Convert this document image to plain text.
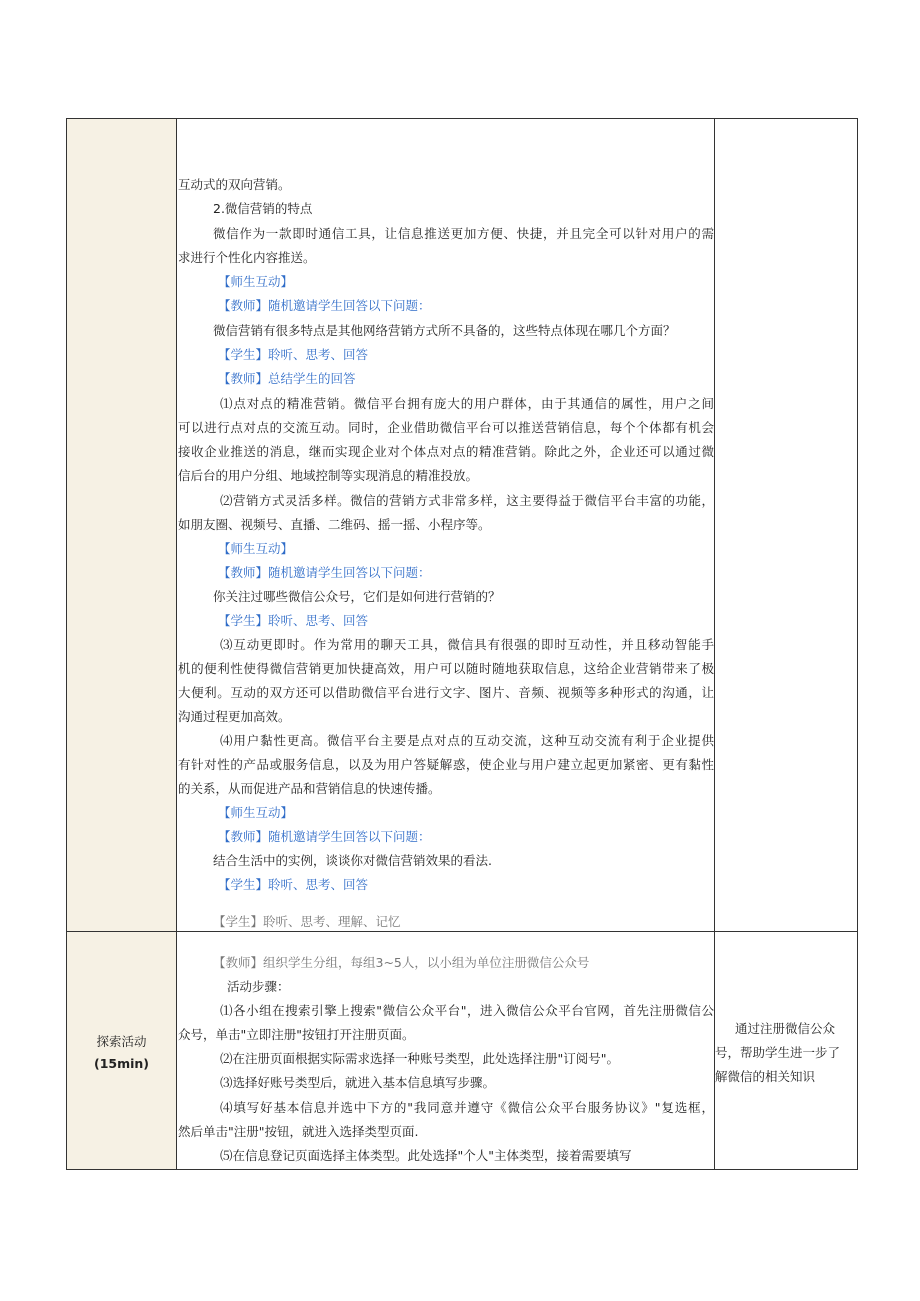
探索活动
(15min)
通过注册微信公众
号，帮助学生进一步了
解微信的相关知识
互动式的双向营销。
2.微信营销的特点
微信作为一款即时通信工具，让信息推送更加方便、快捷，并且完全可以针对用户的需
求进行个性化内容推送。
【师生互动】
【教师】随机邀请学生回答以下问题：
微信营销有很多特点是其他网络营销方式所不具备的，这些特点体现在哪几个方面？
【学生】聆听、思考、回答
【教师】总结学生的回答
⑴点对点的精准营销。微信平台拥有庞大的用户群体，由于其通信的属性，用户之间
可以进行点对点的交流互动。同时，企业借助微信平台可以推送营销信息，每个个体都有机会
接收企业推送的消息，继而实现企业对个体点对点的精准营销。除此之外，企业还可以通过微
信后台的用户分组、地域控制等实现消息的精准投放。
⑵营销方式灵活多样。微信的营销方式非常多样，这主要得益于微信平台丰富的功能，
如朋友圈、视频号、直播、二维码、摇一摇、小程序等。
【师生互动】
【教师】随机邀请学生回答以下问题：
你关注过哪些微信公众号，它们是如何进行营销的？
【学生】聆听、思考、回答
⑶互动更即时。作为常用的聊天工具，微信具有很强的即时互动性，并且移动智能手
机的便利性使得微信营销更加快捷高效，用户可以随时随地获取信息，这给企业营销带来了极
大便利。互动的双方还可以借助微信平台进行文字、图片、音频、视频等多种形式的沟通，让
沟通过程更加高效。
⑷用户黏性更高。微信平台主要是点对点的互动交流，这种互动交流有利于企业提供
有针对性的产品或服务信息，以及为用户答疑解惑，使企业与用户建立起更加紧密、更有黏性
的关系，从而促进产品和营销信息的快速传播。
【师生互动】
【教师】随机邀请学生回答以下问题：
结合生活中的实例，谈谈你对微信营销效果的看法.
【学生】聆听、思考、回答
【学生】聆听、思考、理解、记忆
【教师】组织学生分组，每组3~5人，以小组为单位注册微信公众号
活动步骤：
⑴各小组在搜索引擎上搜索"微信公众平台"，进入微信公众平台官网，首先注册微信公
众号，单击"立即注册"按钮打开注册页面。
⑵在注册页面根据实际需求选择一种账号类型，此处选择注册"订阅号"。
⑶选择好账号类型后，就进入基本信息填写步骤。
⑷填写好基本信息并选中下方的"我同意并遵守《微信公众平台服务协议》"复选框，
然后单击"注册"按钮，就进入选择类型页面.
⑸在信息登记页面选择主体类型。此处选择"个人"主体类型，接着需要填写
